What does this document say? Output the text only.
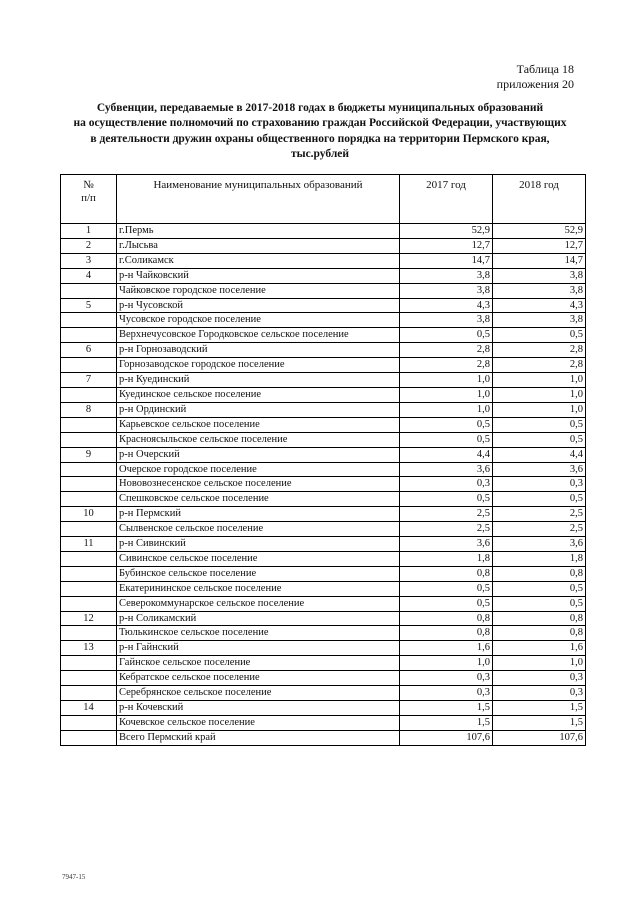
Таблица 18
приложения 20
Субвенции, передаваемые в 2017-2018 годах в бюджеты муниципальных образований
на осуществление полномочий по страхованию граждан Российской Федерации, участвующих
в деятельности дружин охраны общественного порядка на территории Пермского края,
тыс.рублей
№
п/п	Наименование муниципальных образований	2017 год	2018 год
1	г.Пермь	52,9	52,9
2	г.Лысьва	12,7	12,7
3	г.Соликамск	14,7	14,7
4	р-н Чайковский	3,8	3,8
	Чайковское городское поселение	3,8	3,8
5	р-н Чусовской	4,3	4,3
	Чусовское городское поселение	3,8	3,8
	Верхнечусовское Городковское сельское поселение	0,5	0,5
6	р-н Горнозаводский	2,8	2,8
	Горнозаводское городское поселение	2,8	2,8
7	р-н Куединский	1,0	1,0
	Куединское сельское поселение	1,0	1,0
8	р-н Ординский	1,0	1,0
	Карьевское сельское поселение	0,5	0,5
	Красноясыльское сельское поселение	0,5	0,5
9	р-н Очерский	4,4	4,4
	Очерское городское поселение	3,6	3,6
	Нововознесенское сельское поселение	0,3	0,3
	Спешковское сельское поселение	0,5	0,5
10	р-н Пермский	2,5	2,5
	Сылвенское сельское поселение	2,5	2,5
11	р-н Сивинский	3,6	3,6
	Сивинское сельское поселение	1,8	1,8
	Бубинское сельское поселение	0,8	0,8
	Екатерининское сельское поселение	0,5	0,5
	Северокоммунарское сельское поселение	0,5	0,5
12	р-н Соликамский	0,8	0,8
	Тюлькинское сельское поселение	0,8	0,8
13	р-н Гайнский	1,6	1,6
	Гайнское сельское поселение	1,0	1,0
	Кебратское сельское поселение	0,3	0,3
	Серебрянское сельское поселение	0,3	0,3
14	р-н Кочевский	1,5	1,5
	Кочевское сельское поселение	1,5	1,5
	Всего Пермский край	107,6	107,6
7947-15
